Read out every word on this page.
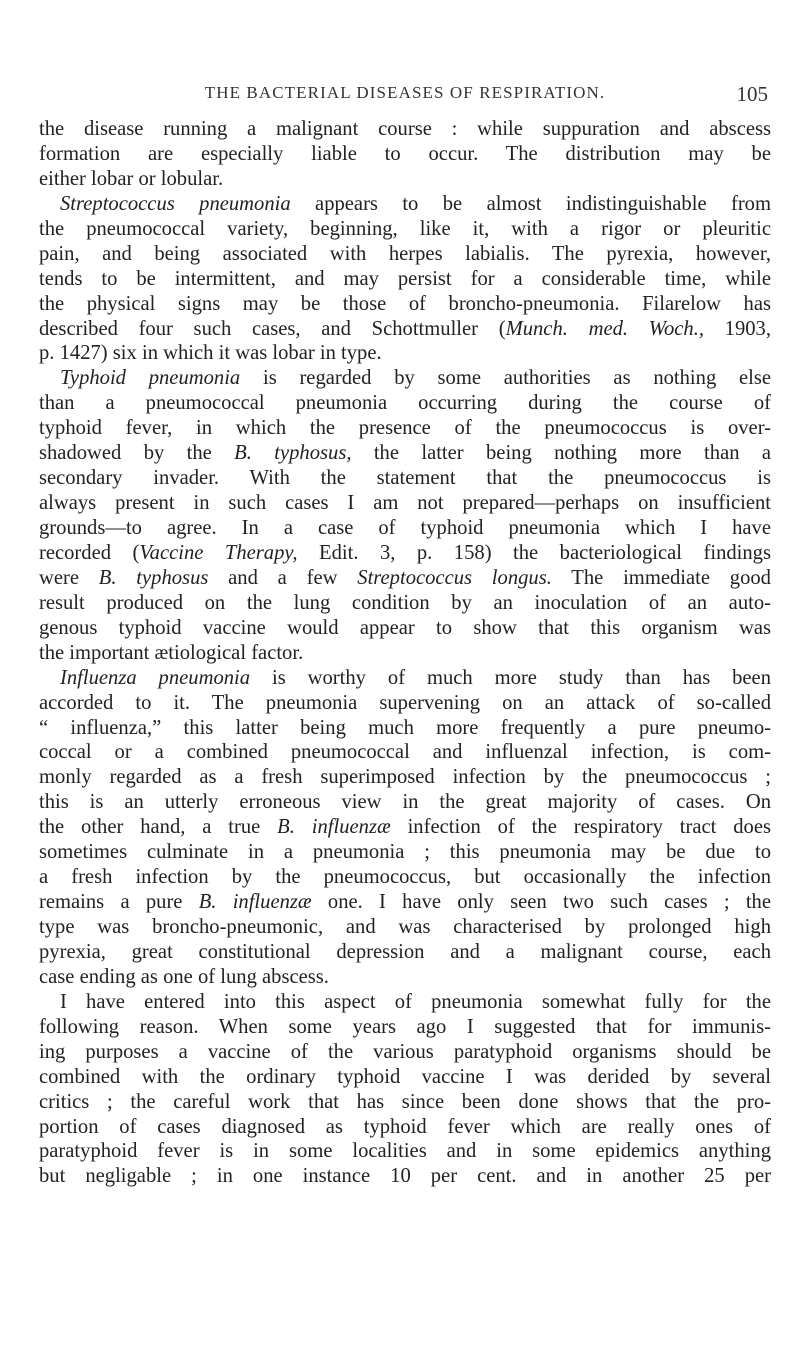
THE BACTERIAL DISEASES OF RESPIRATION.	105
the disease running a malignant course : while suppuration and abscess
formation are especially liable to occur. The distribution may be
either lobar or lobular.
Streptococcus pneumonia appears to be almost indistinguishable from
the pneumococcal variety, beginning, like it, with a rigor or pleuritic
pain, and being associated with herpes labialis. The pyrexia, however,
tends to be intermittent, and may persist for a considerable time, while
the physical signs may be those of broncho-pneumonia. Filarelow has
described four such cases, and Schottmuller (Munch. med. Woch., 1903,
p. 1427) six in which it was lobar in type.
Typhoid pneumonia is regarded by some authorities as nothing else
than a pneumococcal pneumonia occurring during the course of
typhoid fever, in which the presence of the pneumococcus is over-
shadowed by the B. typhosus, the latter being nothing more than a
secondary invader. With the statement that the pneumococcus is
always present in such cases I am not prepared—perhaps on insufficient
grounds—to agree. In a case of typhoid pneumonia which I have
recorded (Vaccine Therapy, Edit. 3, p. 158) the bacteriological findings
were B. typhosus and a few Streptococcus longus. The immediate good
result produced on the lung condition by an inoculation of an auto-
genous typhoid vaccine would appear to show that this organism was
the important ætiological factor.
Influenza pneumonia is worthy of much more study than has been
accorded to it. The pneumonia supervening on an attack of so-called
“ influenza,” this latter being much more frequently a pure pneumo-
coccal or a combined pneumococcal and influenzal infection, is com-
monly regarded as a fresh superimposed infection by the pneumococcus ;
this is an utterly erroneous view in the great majority of cases. On
the other hand, a true B. influenzæ infection of the respiratory tract does
sometimes culminate in a pneumonia ; this pneumonia may be due to
a fresh infection by the pneumococcus, but occasionally the infection
remains a pure B. influenzæ one. I have only seen two such cases ; the
type was broncho-pneumonic, and was characterised by prolonged high
pyrexia, great constitutional depression and a malignant course, each
case ending as one of lung abscess.
I have entered into this aspect of pneumonia somewhat fully for the
following reason. When some years ago I suggested that for immunis-
ing purposes a vaccine of the various paratyphoid organisms should be
combined with the ordinary typhoid vaccine I was derided by several
critics ; the careful work that has since been done shows that the pro-
portion of cases diagnosed as typhoid fever which are really ones of
paratyphoid fever is in some localities and in some epidemics anything
but negligable ; in one instance 10 per cent. and in another 25 per
